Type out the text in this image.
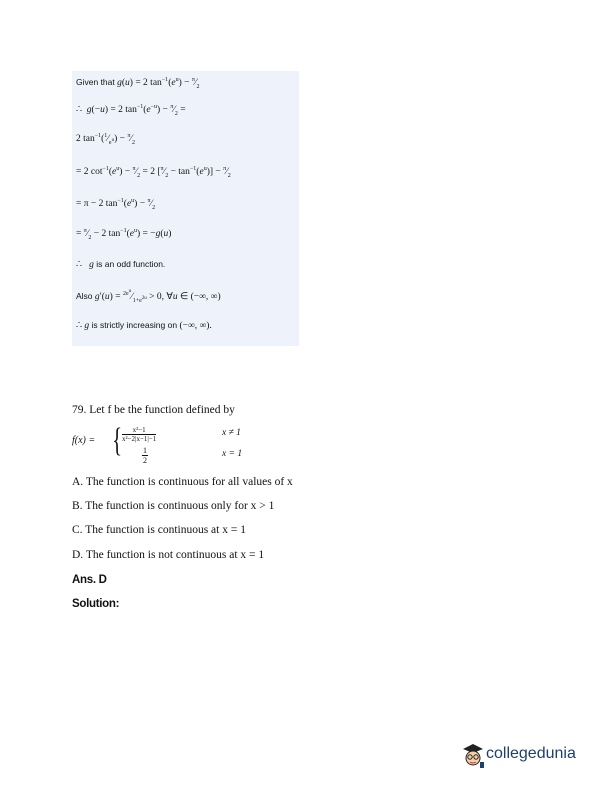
Given that g(u) = 2 $\tan^{-1}(e^u)$ − $^\pi⁄_2$
∴  g(−u) = 2 $\tan^{-1}(e^{-u})$ − $^\pi⁄_2$ =
2 $\tan^{-1}(^1⁄_{e^u})$ − $^\pi⁄_2$
= 2 $\cot^{-1}(e^u)$ − $^\pi⁄_2 = 2$ $[^\pi⁄_2 - \tan^{-1}(e^u)]$ − $^\pi⁄_2$
= π − 2 $\tan^{-1}(e^u)$ − $^\pi⁄_2$
= $^\pi⁄_2 - 2$ $\tan^{-1}(e^u) = -g(u)$
∴   g is an odd function.
Also $g'(u) = ^{2e^u}⁄_{1+e^{2u}} > 0$, ∀u ∈ (−∞, ∞)
∴ g is strictly increasing on (−∞, ∞).
79. Let f be the function defined by
f(x) = { $\frac{\text{x²−1}}{\text{x²−2|x−1|−1}}$	x ≠ 1
$\frac{1}{2}$	x = 1
A. The function is continuous for all values of x
B. The function is continuous only for x > 1
C. The function is continuous at x = 1
D. The function is not continuous at x = 1
Ans. D
Solution:
collegedunia
